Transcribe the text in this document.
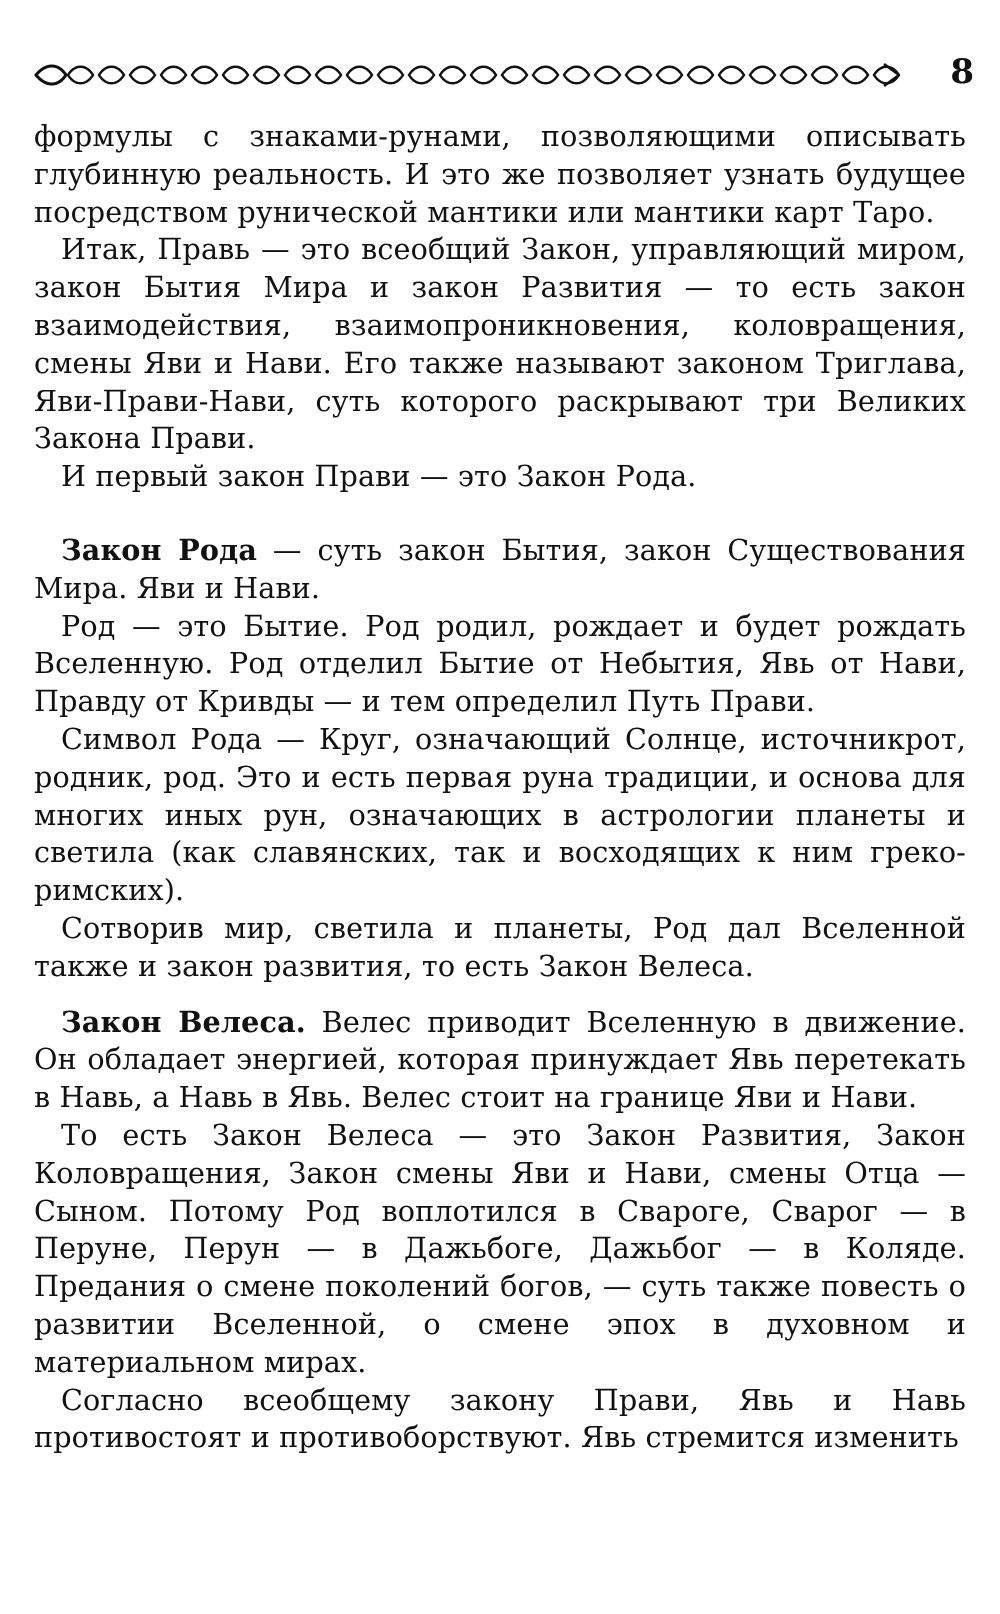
8

формулы с знаками-рунами, позволяющими описывать глубинную реальность. И это же позволяет узнать будущее посредством рунической мантики или мантики карт Таро.

Итак, Правь — это всеобщий Закон, управляющий миром, закон Бытия Мира и закон Развития — то есть закон взаимодействия, взаимопроникновения, коловращения, смены Яви и Нави. Его также называют законом Триглава, Яви-Прави-Нави, суть которого раскрывают три Великих Закона Прави.

И первый закон Прави — это Закон Рода.

Закон Рода — суть закон Бытия, закон Существования Мира. Яви и Нави.

Род — это Бытие. Род родил, рождает и будет рождать Вселенную. Род отделил Бытие от Небытия, Явь от Нави, Правду от Кривды — и тем определил Путь Прави.

Символ Рода — Круг, означающий Солнце, источникрот, родник, род. Это и есть первая руна традиции, и основа для многих иных рун, означающих в астрологии планеты и светила (как славянских, так и восходящих к ним греко-римских).

Сотворив мир, светила и планеты, Род дал Вселенной также и закон развития, то есть Закон Велеса.

Закон Велеса. Велес приводит Вселенную в движение. Он обладает энергией, которая принуждает Явь перетекать в Навь, а Навь в Явь. Велес стоит на границе Яви и Нави.

То есть Закон Велеса — это Закон Развития, Закон Коловращения, Закон смены Яви и Нави, смены Отца — Сыном. Потому Род воплотился в Свароге, Сварог — в Перуне, Перун — в Дажьбоге, Дажьбог — в Коляде. Предания о смене поколений богов, — суть также повесть о развитии Вселенной, о смене эпох в духовном и материальном мирах.

Согласно всеобщему закону Прави, Явь и Навь противостоят и противоборствуют. Явь стремится изменить
